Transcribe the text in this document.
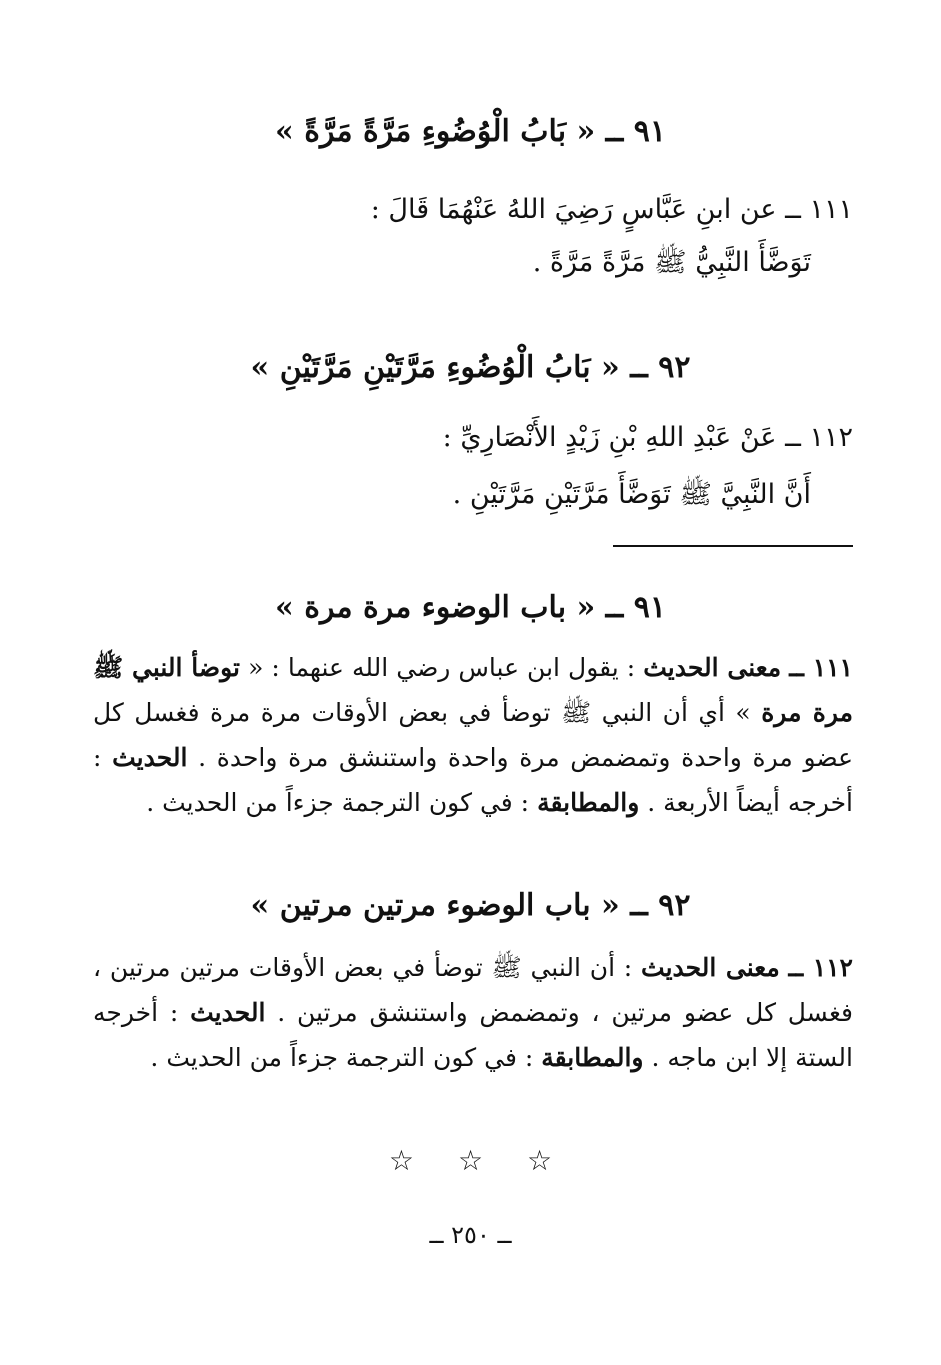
٩١ ــ « بَابُ الْوُضُوءِ مَرَّةً مَرَّةً »
١١١ ــ عن ابنِ عَبَّاسٍ رَضِيَ اللهُ عَنْهُمَا قَالَ :
تَوَضَّأَ النَّبِيُّ ﷺ مَرَّةً مَرَّةً .
٩٢ ــ « بَابُ الْوُضُوءِ مَرَّتَيْنِ مَرَّتَيْنِ »
١١٢ ــ عَنْ عَبْدِ اللهِ بْنِ زَيْدٍ الأَنْصَارِيِّ :
أَنَّ النَّبِيَّ ﷺ تَوَضَّأَ مَرَّتَيْنِ مَرَّتَيْنِ .
٩١ ــ « باب الوضوء مرة مرة »
١١١ ــ معنى الحديث : يقول ابن عباس رضي الله عنهما : « توضأ النبي ﷺ مرة مرة » أي أن النبي ﷺ توضأ في بعض الأوقات مرة مرة فغسل كل عضو مرة واحدة وتمضمض مرة واحدة واستنشق مرة واحدة . الحديث : أخرجه أيضاً الأربعة . والمطابقة : في كون الترجمة جزءاً من الحديث .
٩٢ ــ « باب الوضوء مرتين مرتين »
١١٢ ــ معنى الحديث : أن النبي ﷺ توضأ في بعض الأوقات مرتين مرتين ، فغسل كل عضو مرتين ، وتمضمض واستنشق مرتين . الحديث : أخرجه الستة إلا ابن ماجه . والمطابقة : في كون الترجمة جزءاً من الحديث .
☆ ☆ ☆
ــ ٢٥٠ ــ
